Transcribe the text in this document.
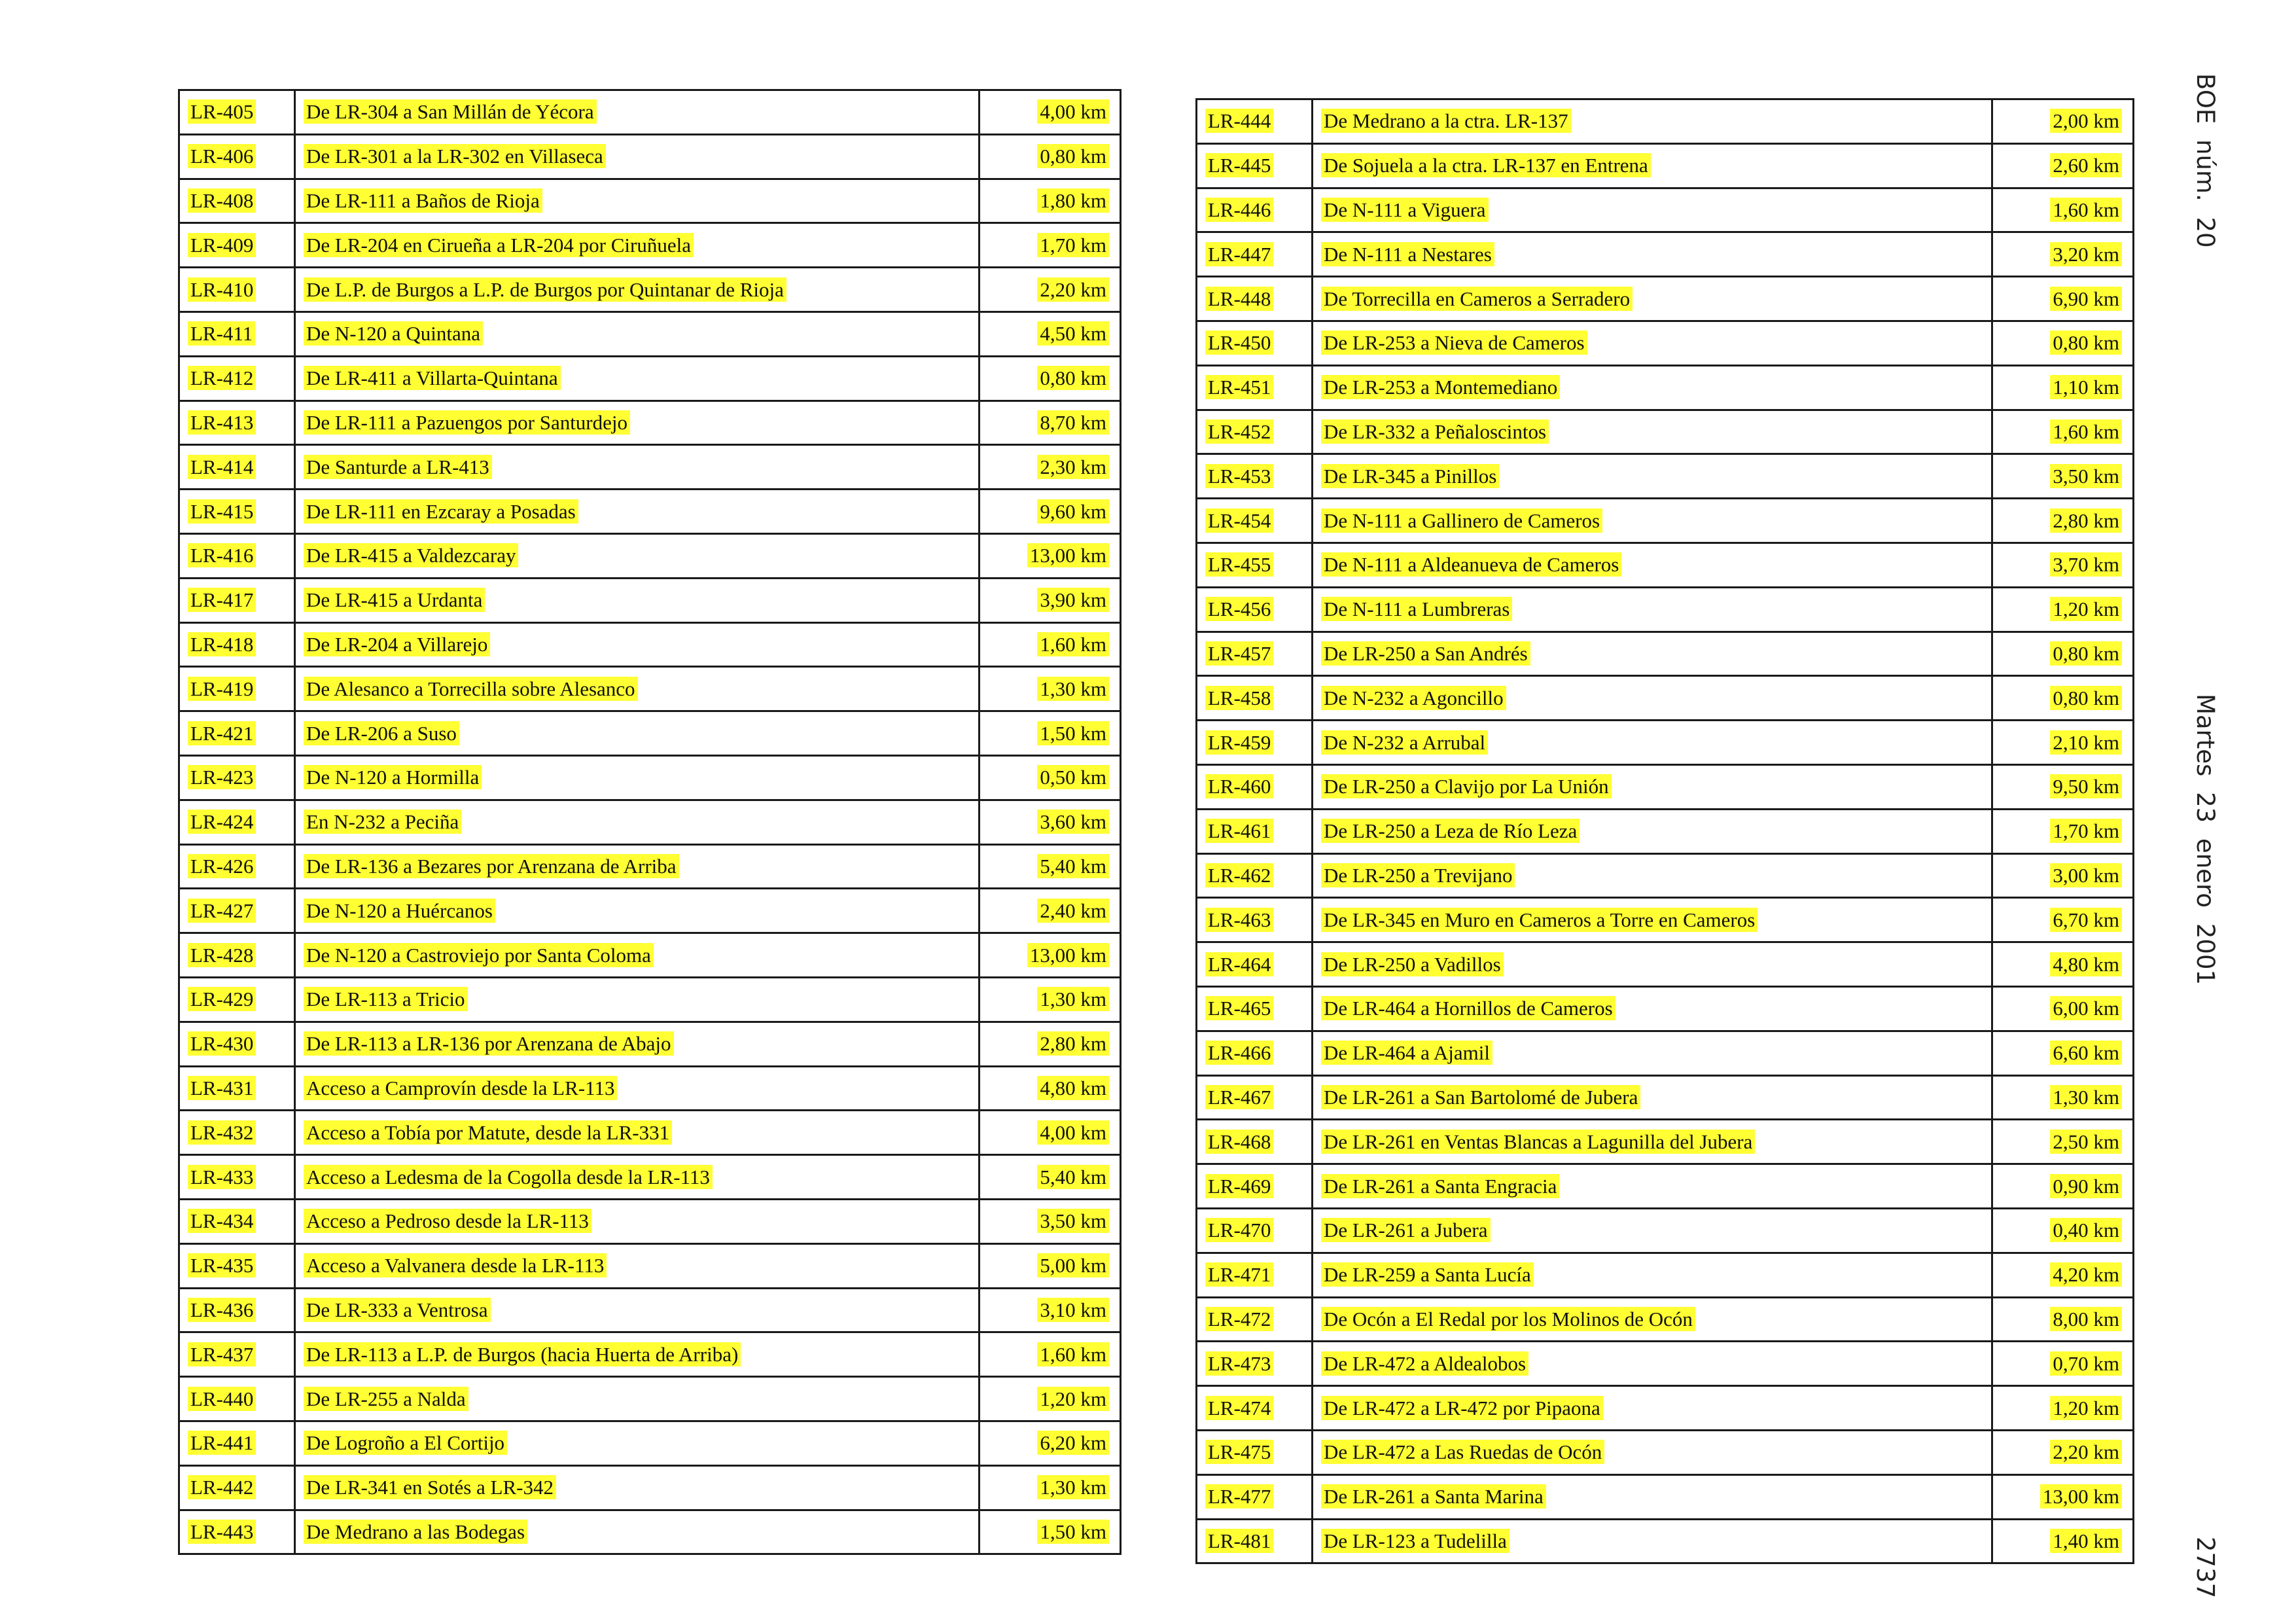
LR-405	De LR-304 a San Millán de Yécora	4,00 km
LR-406	De LR-301 a la LR-302 en Villaseca	0,80 km
LR-408	De LR-111 a Baños de Rioja	1,80 km
LR-409	De LR-204 en Cirueña a LR-204 por Ciruñuela	1,70 km
LR-410	De L.P. de Burgos a L.P. de Burgos por Quintanar de Rioja	2,20 km
LR-411	De N-120 a Quintana	4,50 km
LR-412	De LR-411 a Villarta-Quintana	0,80 km
LR-413	De LR-111 a Pazuengos por Santurdejo	8,70 km
LR-414	De Santurde a LR-413	2,30 km
LR-415	De LR-111 en Ezcaray a Posadas	9,60 km
LR-416	De LR-415 a Valdezcaray	13,00 km
LR-417	De LR-415 a Urdanta	3,90 km
LR-418	De LR-204 a Villarejo	1,60 km
LR-419	De Alesanco a Torrecilla sobre Alesanco	1,30 km
LR-421	De LR-206 a Suso	1,50 km
LR-423	De N-120 a Hormilla	0,50 km
LR-424	En N-232 a Peciña	3,60 km
LR-426	De LR-136 a Bezares por Arenzana de Arriba	5,40 km
LR-427	De N-120 a Huércanos	2,40 km
LR-428	De N-120 a Castroviejo por Santa Coloma	13,00 km
LR-429	De LR-113 a Tricio	1,30 km
LR-430	De LR-113 a LR-136 por Arenzana de Abajo	2,80 km
LR-431	Acceso a Camprovín desde la LR-113	4,80 km
LR-432	Acceso a Tobía por Matute, desde la LR-331	4,00 km
LR-433	Acceso a Ledesma de la Cogolla desde la LR-113	5,40 km
LR-434	Acceso a Pedroso desde la LR-113	3,50 km
LR-435	Acceso a Valvanera desde la LR-113	5,00 km
LR-436	De LR-333 a Ventrosa	3,10 km
LR-437	De LR-113 a L.P. de Burgos (hacia Huerta de Arriba)	1,60 km
LR-440	De LR-255 a Nalda	1,20 km
LR-441	De Logroño a El Cortijo	6,20 km
LR-442	De LR-341 en Sotés a LR-342	1,30 km
LR-443	De Medrano a las Bodegas	1,50 km
LR-444	De Medrano a la ctra. LR-137	2,00 km
LR-445	De Sojuela a la ctra. LR-137 en Entrena	2,60 km
LR-446	De N-111 a Viguera	1,60 km
LR-447	De N-111 a Nestares	3,20 km
LR-448	De Torrecilla en Cameros a Serradero	6,90 km
LR-450	De LR-253 a Nieva de Cameros	0,80 km
LR-451	De LR-253 a Montemediano	1,10 km
LR-452	De LR-332 a Peñaloscintos	1,60 km
LR-453	De LR-345 a Pinillos	3,50 km
LR-454	De N-111 a Gallinero de Cameros	2,80 km
LR-455	De N-111 a Aldeanueva de Cameros	3,70 km
LR-456	De N-111 a Lumbreras	1,20 km
LR-457	De LR-250 a San Andrés	0,80 km
LR-458	De N-232 a Agoncillo	0,80 km
LR-459	De N-232 a Arrubal	2,10 km
LR-460	De LR-250 a Clavijo por La Unión	9,50 km
LR-461	De LR-250 a Leza de Río Leza	1,70 km
LR-462	De LR-250 a Trevijano	3,00 km
LR-463	De LR-345 en Muro en Cameros a Torre en Cameros	6,70 km
LR-464	De LR-250 a Vadillos	4,80 km
LR-465	De LR-464 a Hornillos de Cameros	6,00 km
LR-466	De LR-464 a Ajamil	6,60 km
LR-467	De LR-261 a San Bartolomé de Jubera	1,30 km
LR-468	De LR-261 en Ventas Blancas a Lagunilla del Jubera	2,50 km
LR-469	De LR-261 a Santa Engracia	0,90 km
LR-470	De LR-261 a Jubera	0,40 km
LR-471	De LR-259 a Santa Lucía	4,20 km
LR-472	De Ocón a El Redal por los Molinos de Ocón	8,00 km
LR-473	De LR-472 a Aldealobos	0,70 km
LR-474	De LR-472 a LR-472 por Pipaona	1,20 km
LR-475	De LR-472 a Las Ruedas de Ocón	2,20 km
LR-477	De LR-261 a Santa Marina	13,00 km
LR-481	De LR-123 a Tudelilla	1,40 km
BOE núm. 20
Martes 23 enero 2001
2737
